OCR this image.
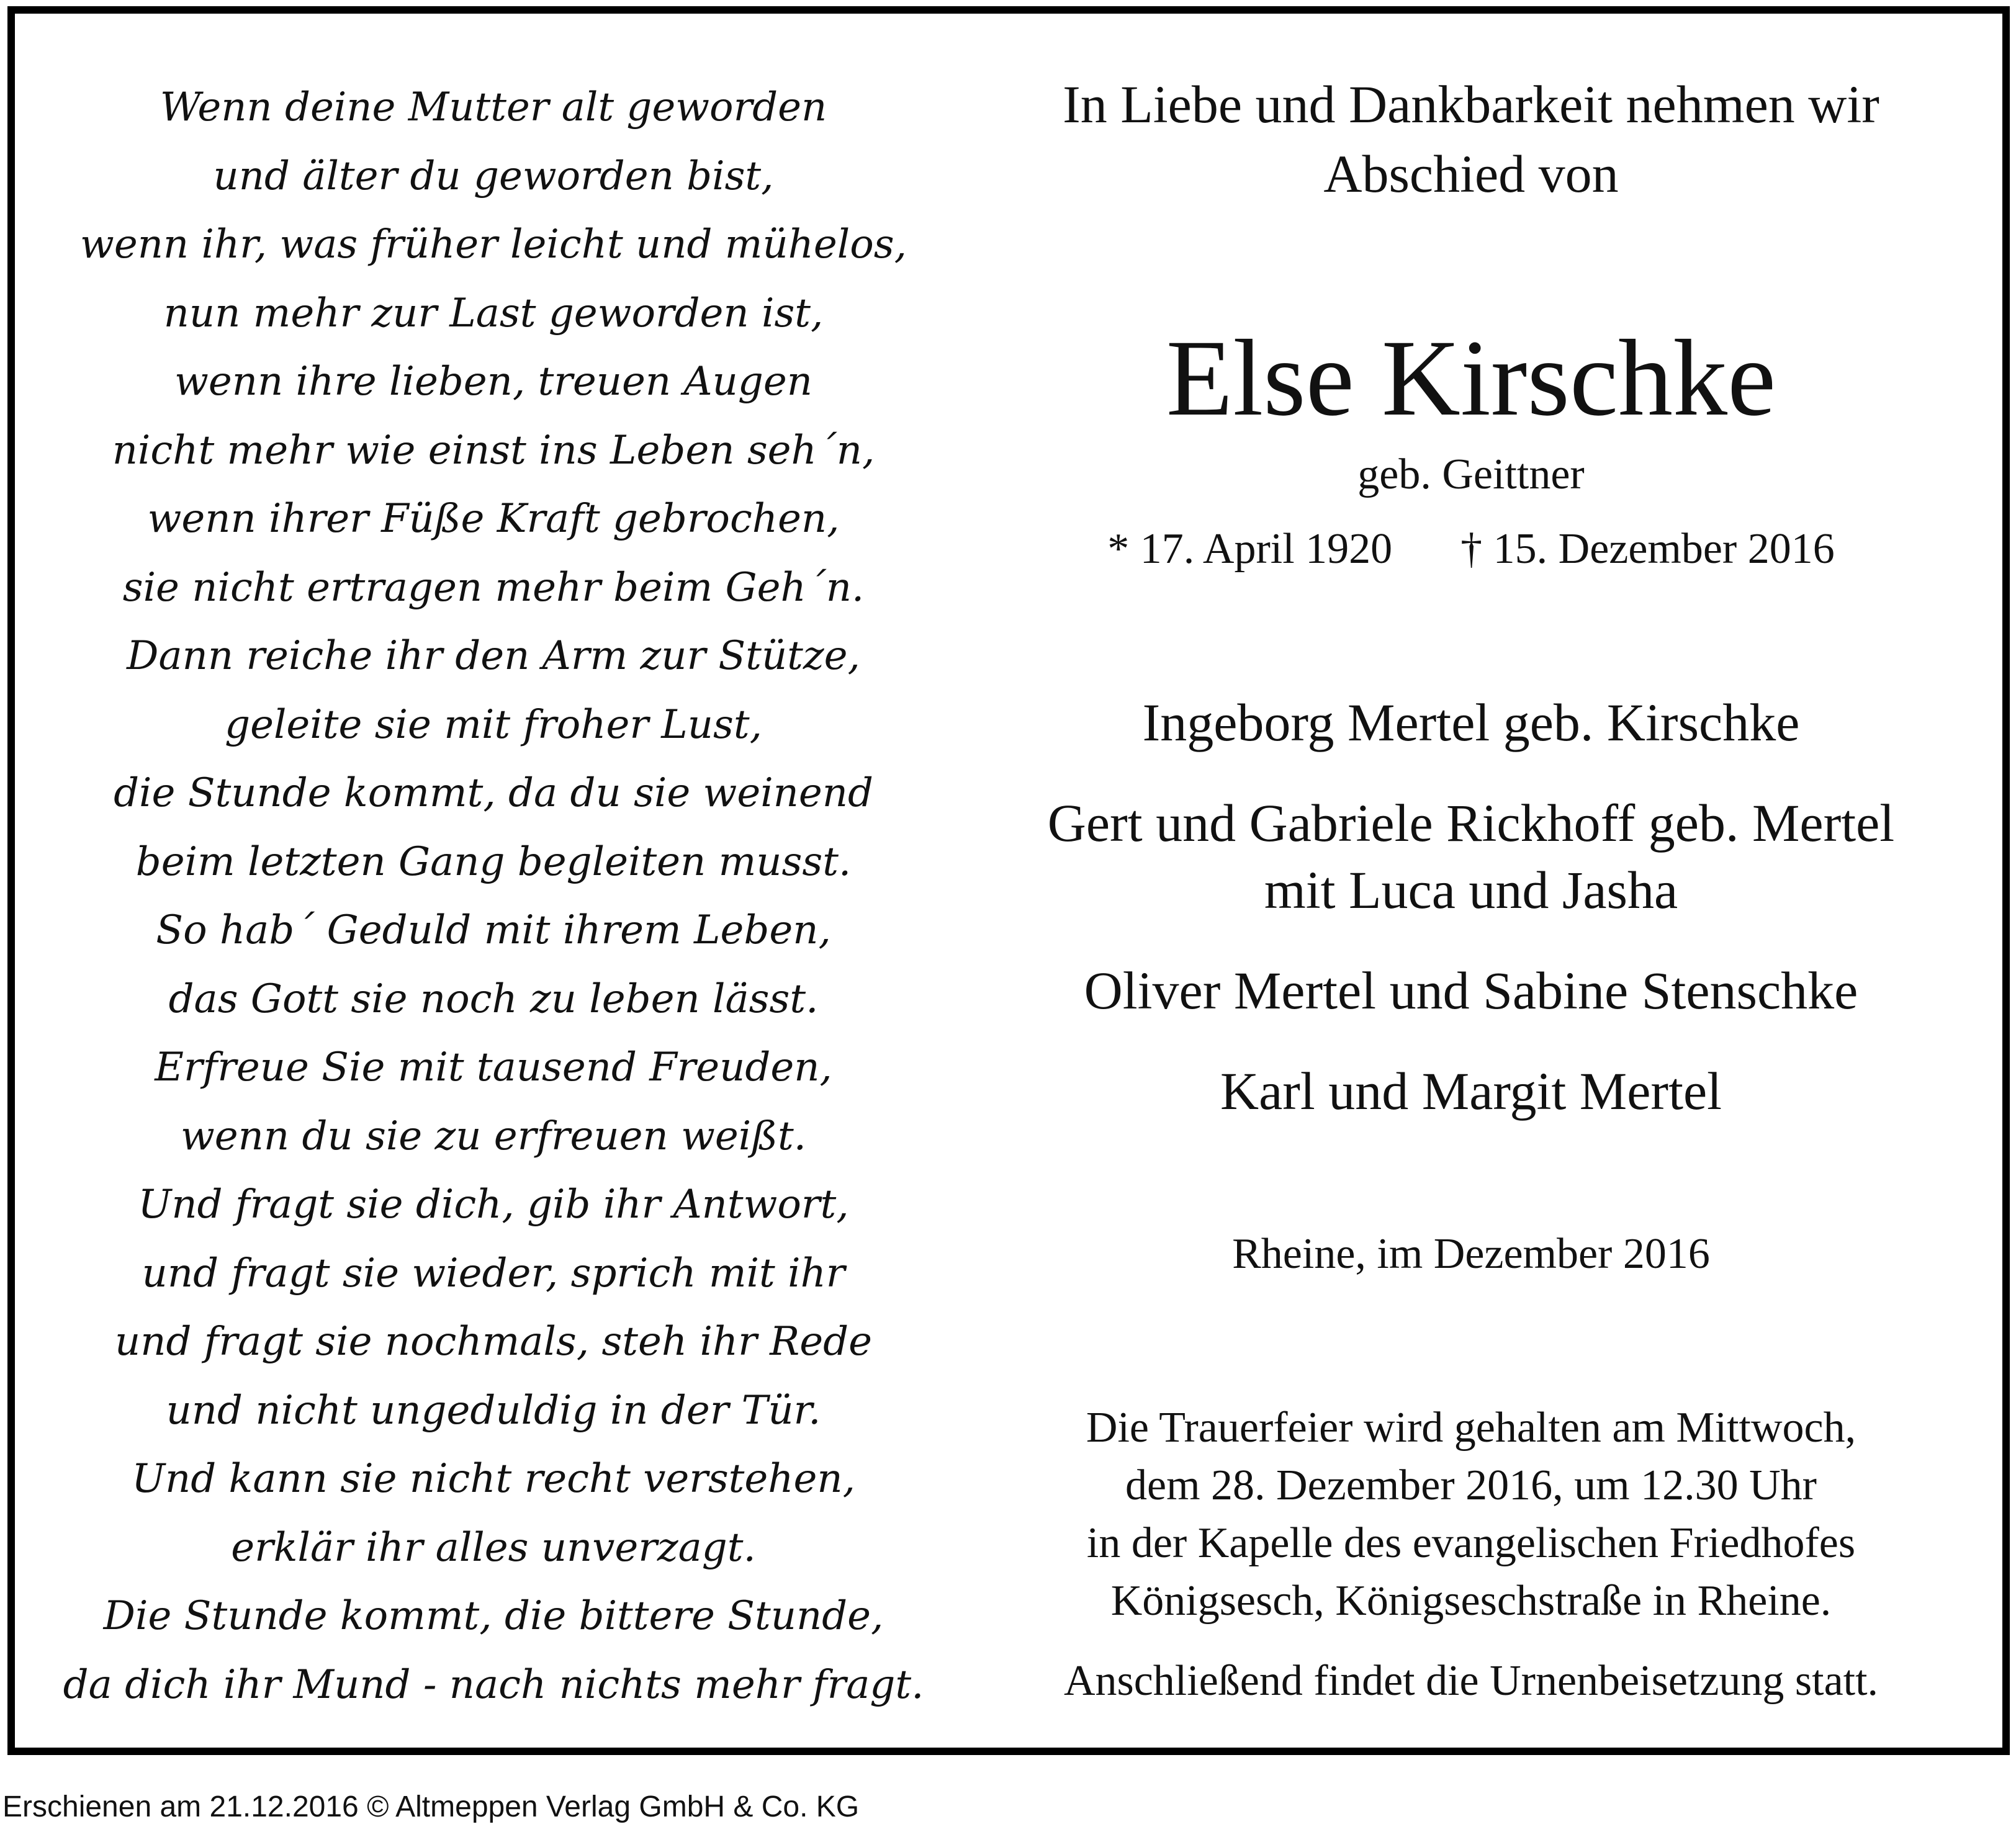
Wenn deine Mutter alt geworden
und älter du geworden bist,
wenn ihr, was früher leicht und mühelos,
nun mehr zur Last geworden ist,
wenn ihre lieben, treuen Augen
nicht mehr wie einst ins Leben seh´n,
wenn ihrer Füße Kraft gebrochen,
sie nicht ertragen mehr beim Geh´n.
Dann reiche ihr den Arm zur Stütze,
geleite sie mit froher Lust,
die Stunde kommt, da du sie weinend
beim letzten Gang begleiten musst.
So hab´ Geduld mit ihrem Leben,
das Gott sie noch zu leben lässt.
Erfreue Sie mit tausend Freuden,
wenn du sie zu erfreuen weißt.
Und fragt sie dich, gib ihr Antwort,
und fragt sie wieder, sprich mit ihr
und fragt sie nochmals, steh ihr Rede
und nicht ungeduldig in der Tür.
Und kann sie nicht recht verstehen,
erklär ihr alles unverzagt.
Die Stunde kommt, die bittere Stunde,
da dich ihr Mund - nach nichts mehr fragt.
In Liebe und Dankbarkeit nehmen wir
Abschied von
Else Kirschke
geb. Geittner
* 17. April 1920 † 15. Dezember 2016
Ingeborg Mertel geb. Kirschke
Gert und Gabriele Rickhoff geb. Mertel
mit Luca und Jasha
Oliver Mertel und Sabine Stenschke
Karl und Margit Mertel
Rheine, im Dezember 2016
Die Trauerfeier wird gehalten am Mittwoch,
dem 28. Dezember 2016, um 12.30 Uhr
in der Kapelle des evangelischen Friedhofes
Königsesch, Königseschstraße in Rheine.
Anschließend findet die Urnenbeisetzung statt.
Erschienen am 21.12.2016 © Altmeppen Verlag GmbH & Co. KG
